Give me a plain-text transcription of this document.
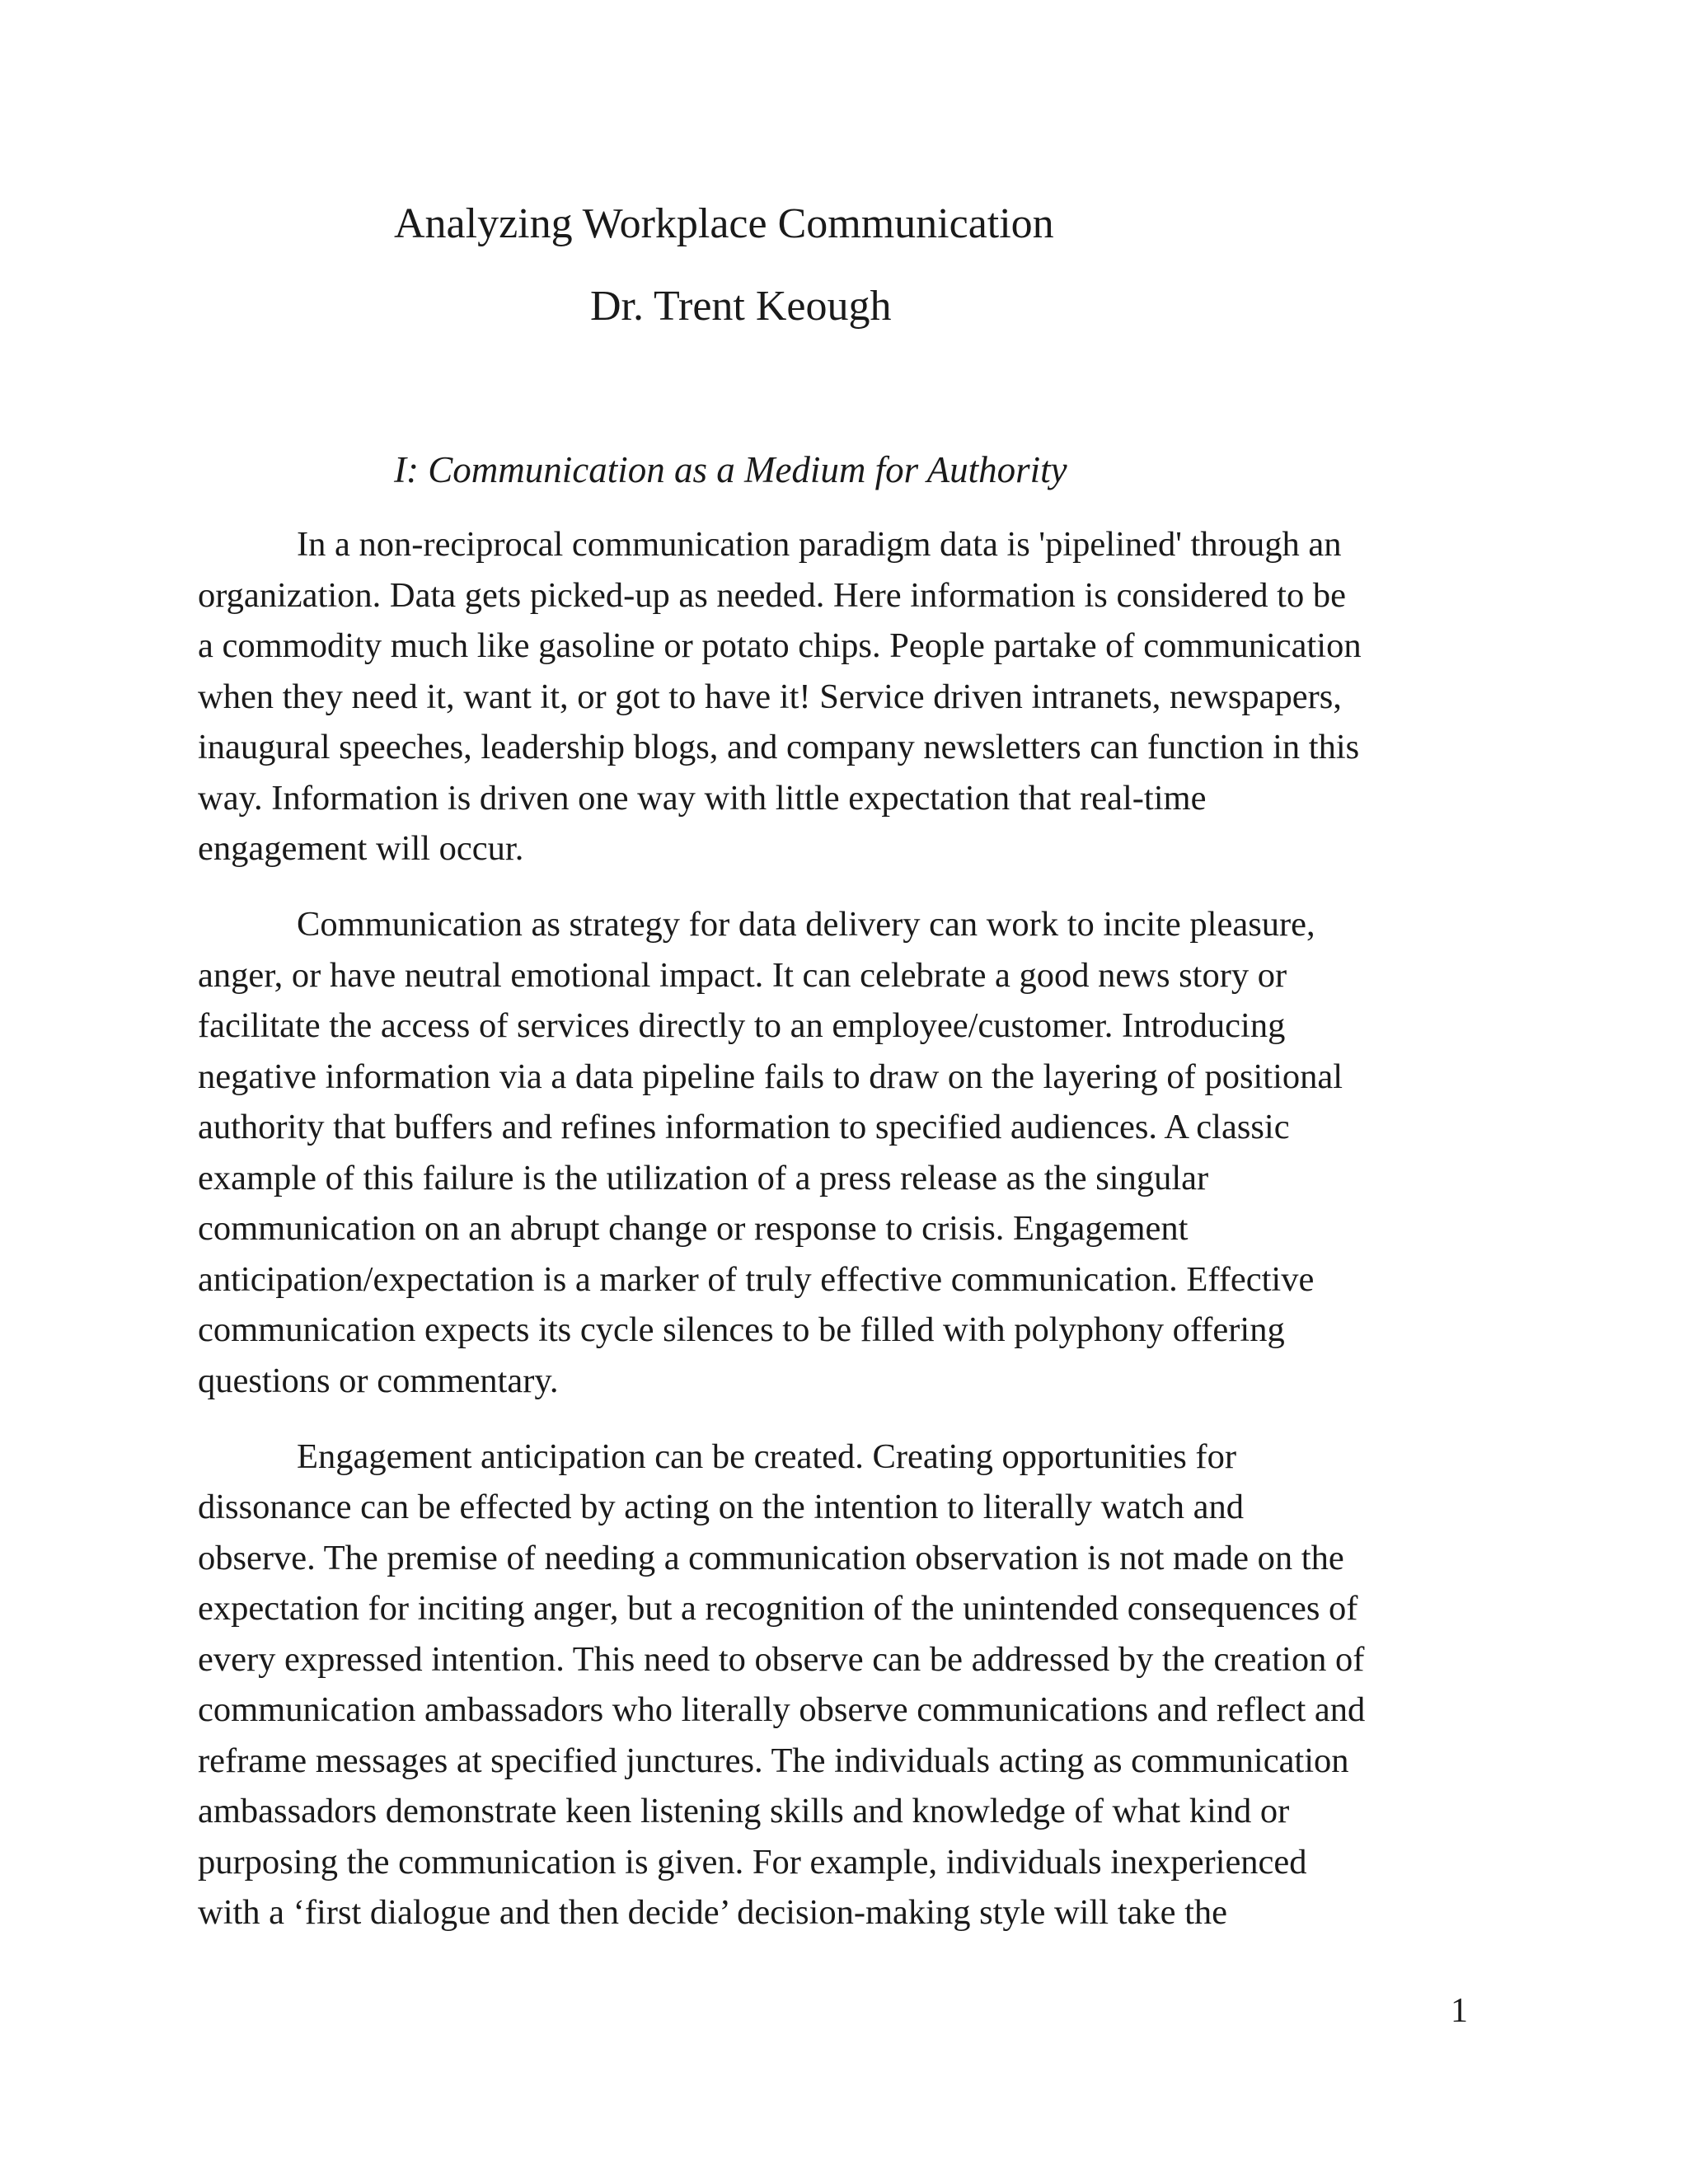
Analyzing Workplace Communication
Dr. Trent Keough
I: Communication as a Medium for Authority

In a non-reciprocal communication paradigm data is 'pipelined' through an
organization. Data gets picked-up as needed. Here information is considered to be
a commodity much like gasoline or potato chips. People partake of communication
when they need it, want it, or got to have it! Service driven intranets, newspapers,
inaugural speeches, leadership blogs, and company newsletters can function in this
way. Information is driven one way with little expectation that real-time
engagement will occur.

Communication as strategy for data delivery can work to incite pleasure,
anger, or have neutral emotional impact. It can celebrate a good news story or
facilitate the access of services directly to an employee/customer. Introducing
negative information via a data pipeline fails to draw on the layering of positional
authority that buffers and refines information to specified audiences. A classic
example of this failure is the utilization of a press release as the singular
communication on an abrupt change or response to crisis. Engagement
anticipation/expectation is a marker of truly effective communication. Effective
communication expects its cycle silences to be filled with polyphony offering
questions or commentary.

Engagement anticipation can be created. Creating opportunities for
dissonance can be effected by acting on the intention to literally watch and
observe. The premise of needing a communication observation is not made on the
expectation for inciting anger, but a recognition of the unintended consequences of
every expressed intention. This need to observe can be addressed by the creation of
communication ambassadors who literally observe communications and reflect and
reframe messages at specified junctures. The individuals acting as communication
ambassadors demonstrate keen listening skills and knowledge of what kind or
purposing the communication is given. For example, individuals inexperienced
with a ‘first dialogue and then decide’ decision-making style will take the

1
